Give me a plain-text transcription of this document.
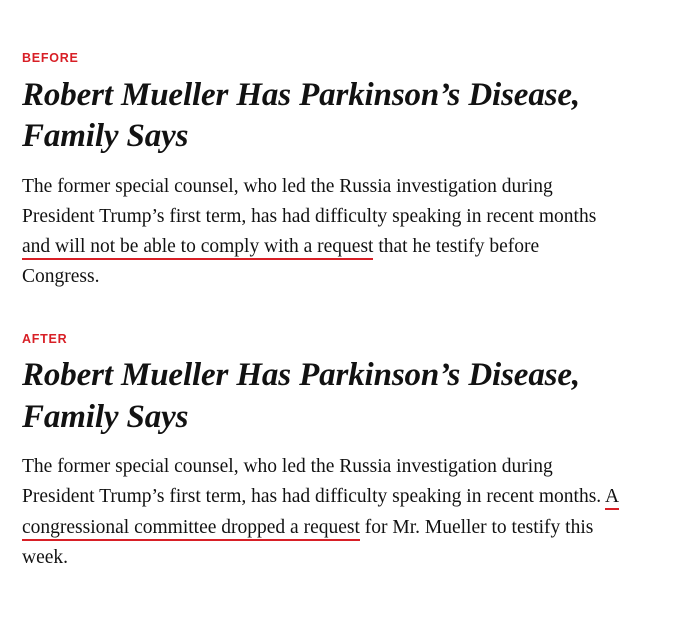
BEFORE
Robert Mueller Has Parkinson’s Disease, Family Says

The former special counsel, who led the Russia investigation during President Trump’s first term, has had difficulty speaking in recent months and will not be able to comply with a request that he testify before Congress.

AFTER
Robert Mueller Has Parkinson’s Disease, Family Says

The former special counsel, who led the Russia investigation during President Trump’s first term, has had difficulty speaking in recent months. A congressional committee dropped a request for Mr. Mueller to testify this week.
